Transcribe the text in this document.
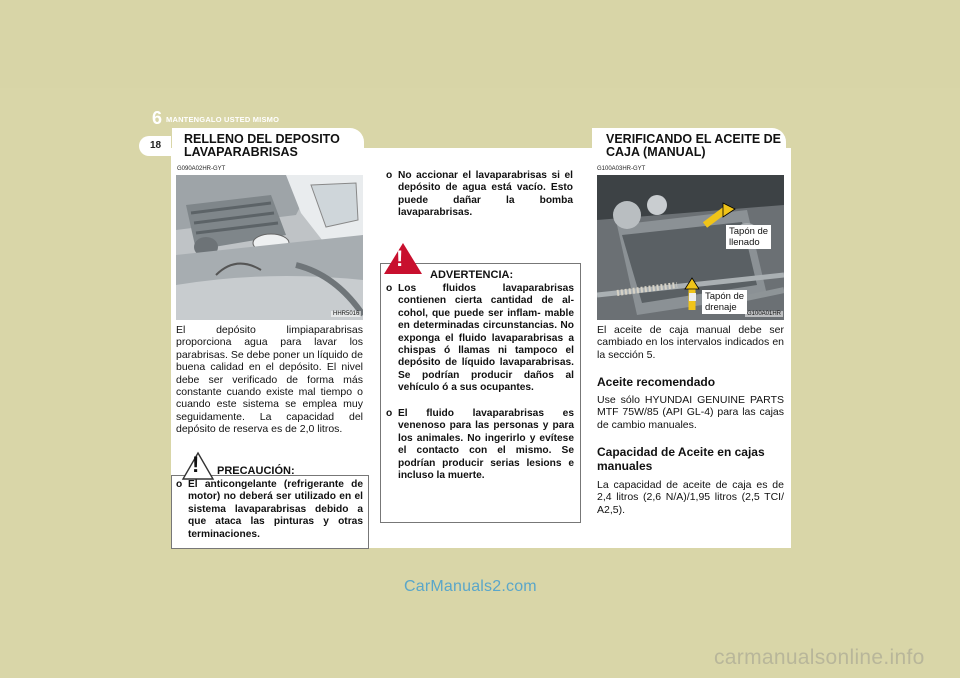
6 MANTENGALO USTED MISMO
18 RELLENO DEL DEPOSITO
LAVAPARABRISAS
G090A02HR-GYT
HHR5016
El depósito limpiaparabrisas proporciona agua para lavar los parabrisas. Se debe poner un líquido de buena calidad en el depósito. El nivel debe ser verificado de forma más constante cuando existe mal tiempo o cuando este sistema se emplea muy seguidamente. La capacidad del depósito de reserva es de 2,0 litros.
! PRECAUCIÓN:
o El anticongelante (refrigerante de motor) no deberá ser utilizado en el sistema lavaparabrisas debido a que ataca las pinturas y otras terminaciones.
o No accionar el lavaparabrisas si el depósito de agua está vacío. Esto puede dañar la bomba lavaparabrisas.
!
ADVERTENCIA:
o Los fluidos lavaparabrisas contienen cierta cantidad de al- cohol, que puede ser inflam- mable en determinadas circunstancias. No exponga el fluido lavaparabrisas a chispas ó llamas ni tampoco el depósito de líquido lavaparabrisas. Se podrían producir daños al vehículo ó a sus ocupantes.
o El fluido lavaparabrisas es venenoso para las personas y para los animales. No ingerirlo y evítese el contacto con el mismo. Se podrían producir serias lesions e incluso la muerte.
VERIFICANDO EL ACEITE DE
CAJA (MANUAL)
G100A03HR-GYT
Tapón de
llenado
Tapón de
drenaje
G100A01HR
El aceite de caja manual debe ser cambiado en los intervalos indicados en la sección 5.
Aceite recomendado
Use sólo HYUNDAI GENUINE PARTS MTF 75W/85 (API GL-4) para las cajas de cambio manuales.
Capacidad de Aceite en cajas
manuales
La capacidad de aceite de caja es de 2,4 litros (2,6 N/A)/1,95 litros (2,5 TCI/ A2,5).
CarManuals2.com
carmanualsonline.info
